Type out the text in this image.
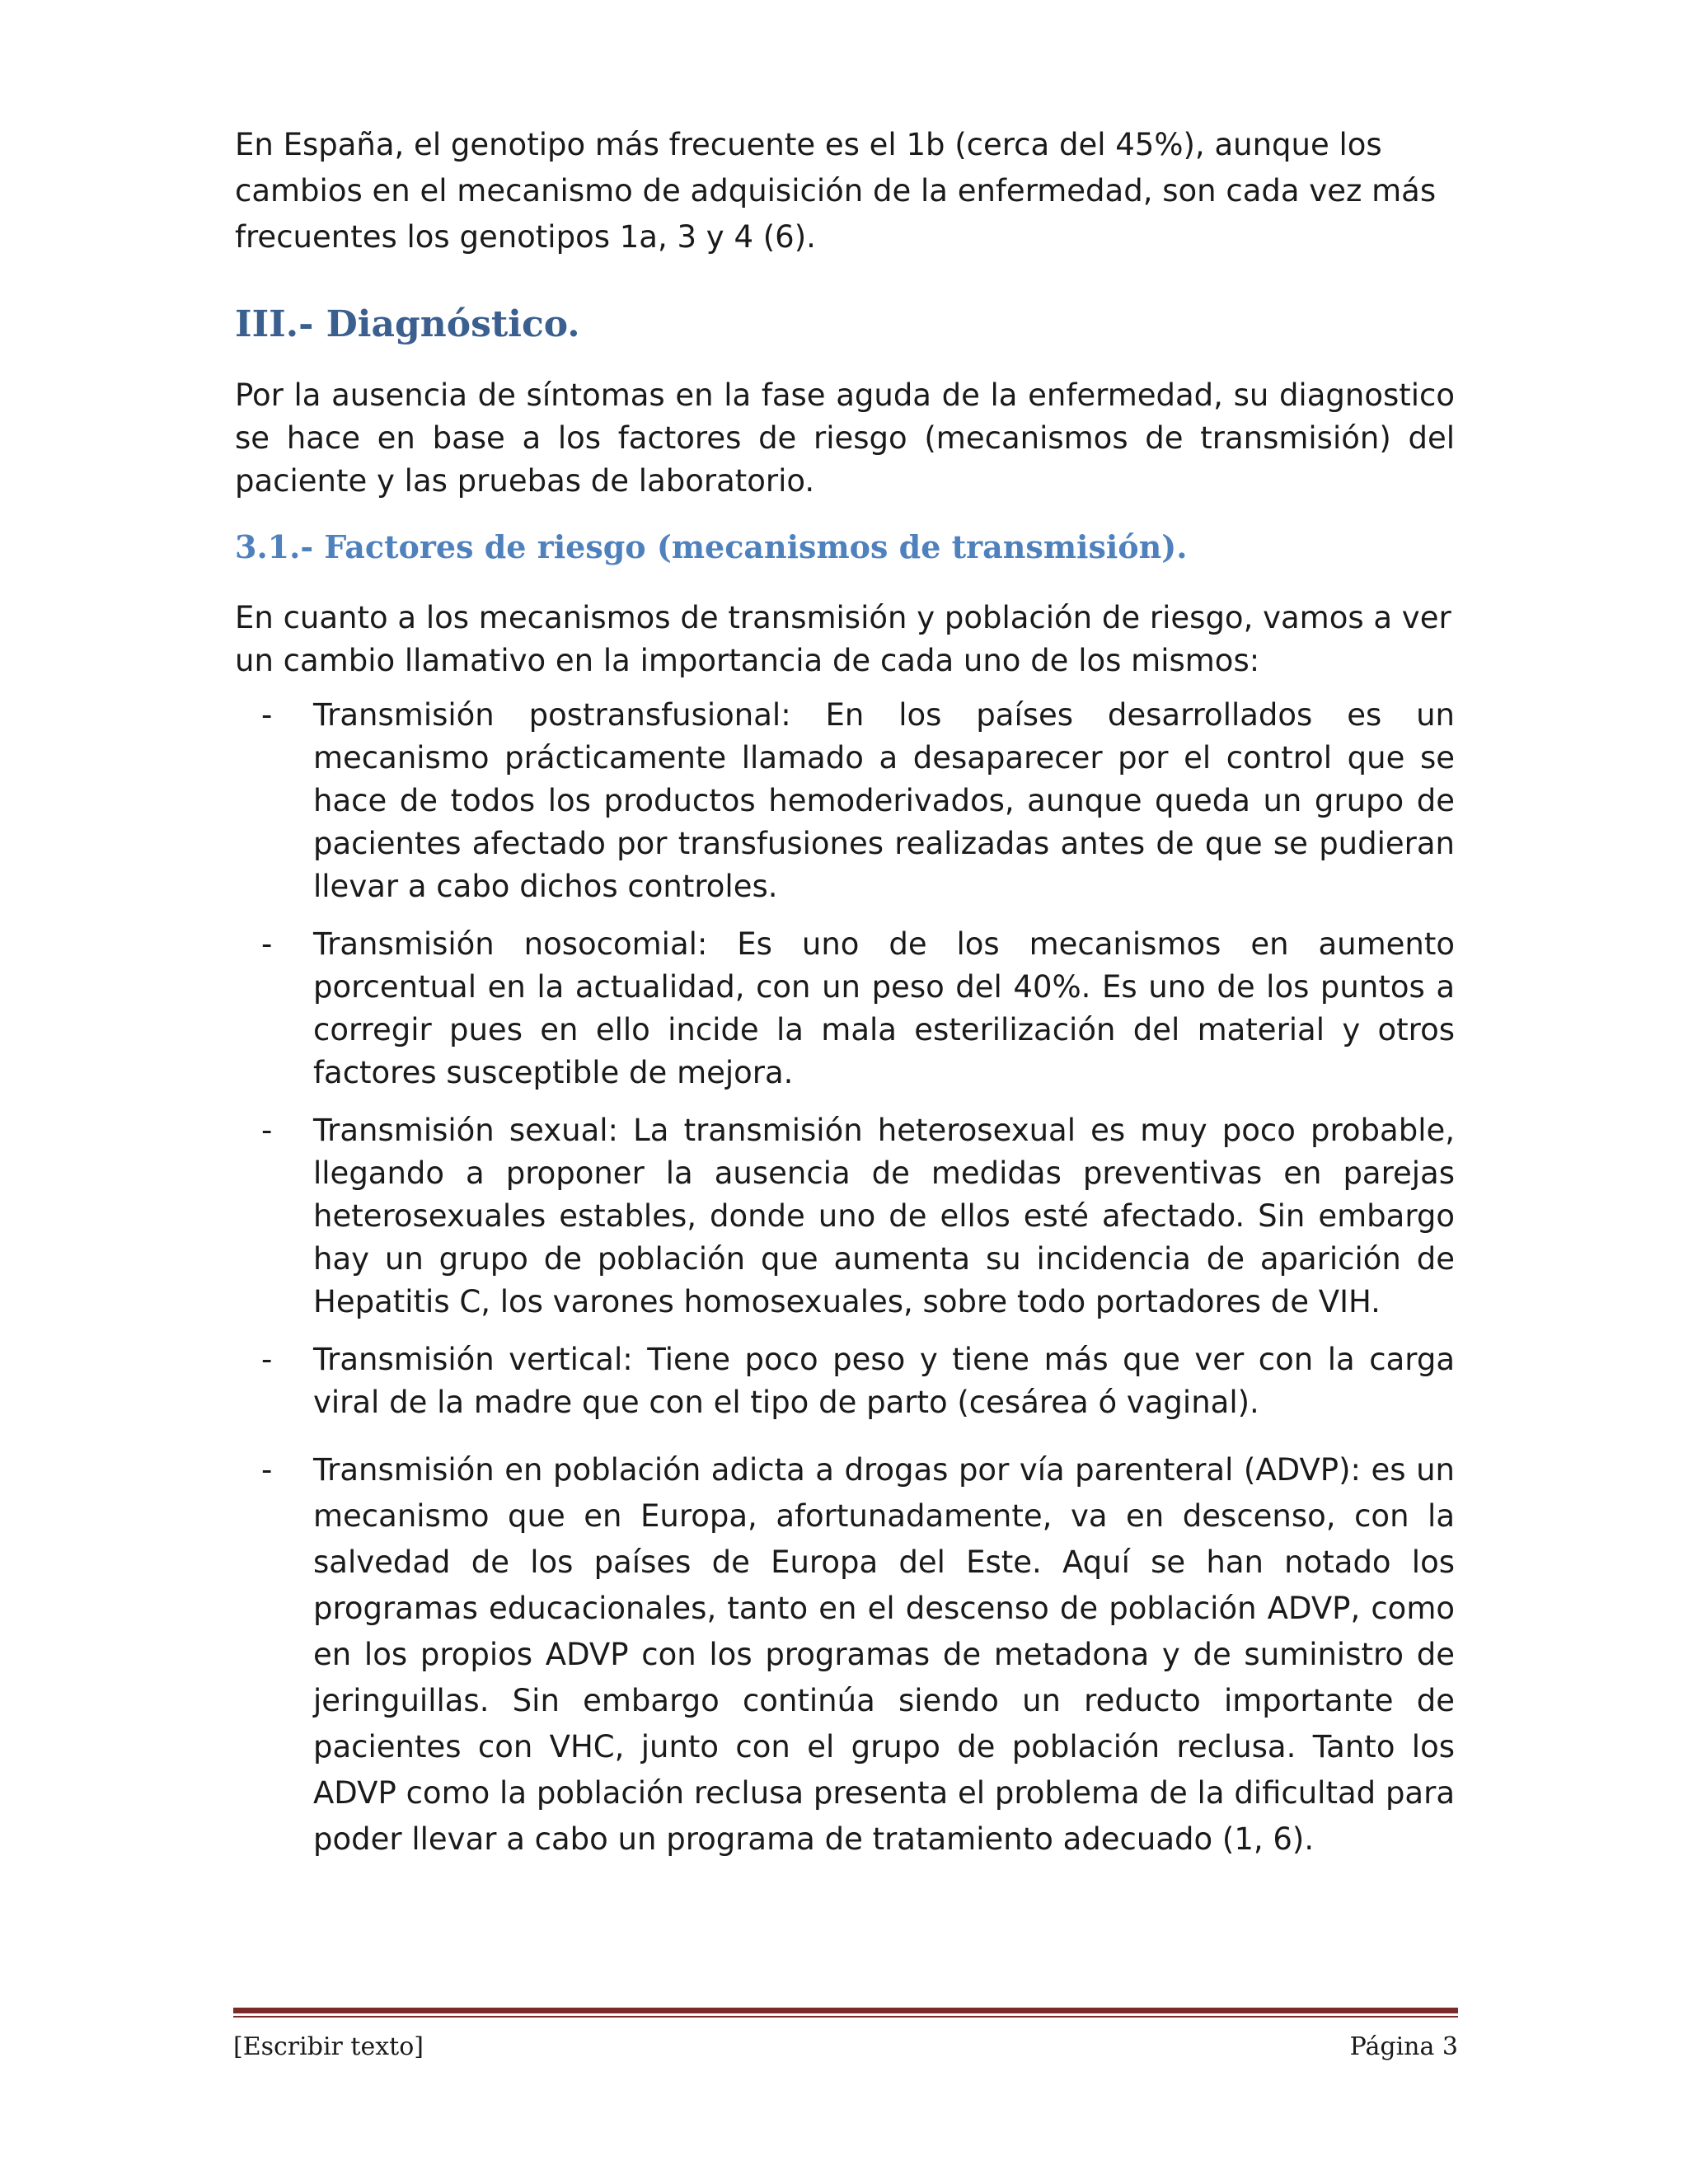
En España, el genotipo más frecuente es el 1b (cerca del 45%), aunque los cambios en el mecanismo de adquisición de la enfermedad, son cada vez más frecuentes los genotipos 1a, 3 y 4 (6).

III.- Diagnóstico.

Por la ausencia de síntomas en la fase aguda de la enfermedad, su diagnostico se hace en base a los factores de riesgo (mecanismos de transmisión) del paciente y las pruebas de laboratorio.

3.1.- Factores de riesgo (mecanismos de transmisión).

En cuanto a los mecanismos de transmisión y población de riesgo, vamos a ver un cambio llamativo en la importancia de cada uno de los mismos:

- Transmisión postransfusional: En los países desarrollados es un mecanismo prácticamente llamado a desaparecer por el control que se hace de todos los productos hemoderivados, aunque queda un grupo de pacientes afectado por transfusiones realizadas antes de que se pudieran llevar a cabo dichos controles.
- Transmisión nosocomial: Es uno de los mecanismos en aumento porcentual en la actualidad, con un peso del 40%. Es uno de los puntos a corregir pues en ello incide la mala esterilización del material y otros factores susceptible de mejora.
- Transmisión sexual: La transmisión heterosexual es muy poco probable, llegando a proponer la ausencia de medidas preventivas en parejas heterosexuales estables, donde uno de ellos esté afectado. Sin embargo hay un grupo de población que aumenta su incidencia de aparición de Hepatitis C, los varones homosexuales, sobre todo portadores de VIH.
- Transmisión vertical: Tiene poco peso y tiene más que ver con la carga viral de la madre que con el tipo de parto (cesárea ó vaginal).
- Transmisión en población adicta a drogas por vía parenteral (ADVP): es un mecanismo que en Europa, afortunadamente, va en descenso, con la salvedad de los países de Europa del Este. Aquí se han notado los programas educacionales, tanto en el descenso de población ADVP, como en los propios ADVP con los programas de metadona y de suministro de jeringuillas. Sin embargo continúa siendo un reducto importante de pacientes con VHC, junto con el grupo de población reclusa. Tanto los ADVP como la población reclusa presenta el problema de la dificultad para poder llevar a cabo un programa de tratamiento adecuado (1, 6).
[Escribir texto]	Página 3
